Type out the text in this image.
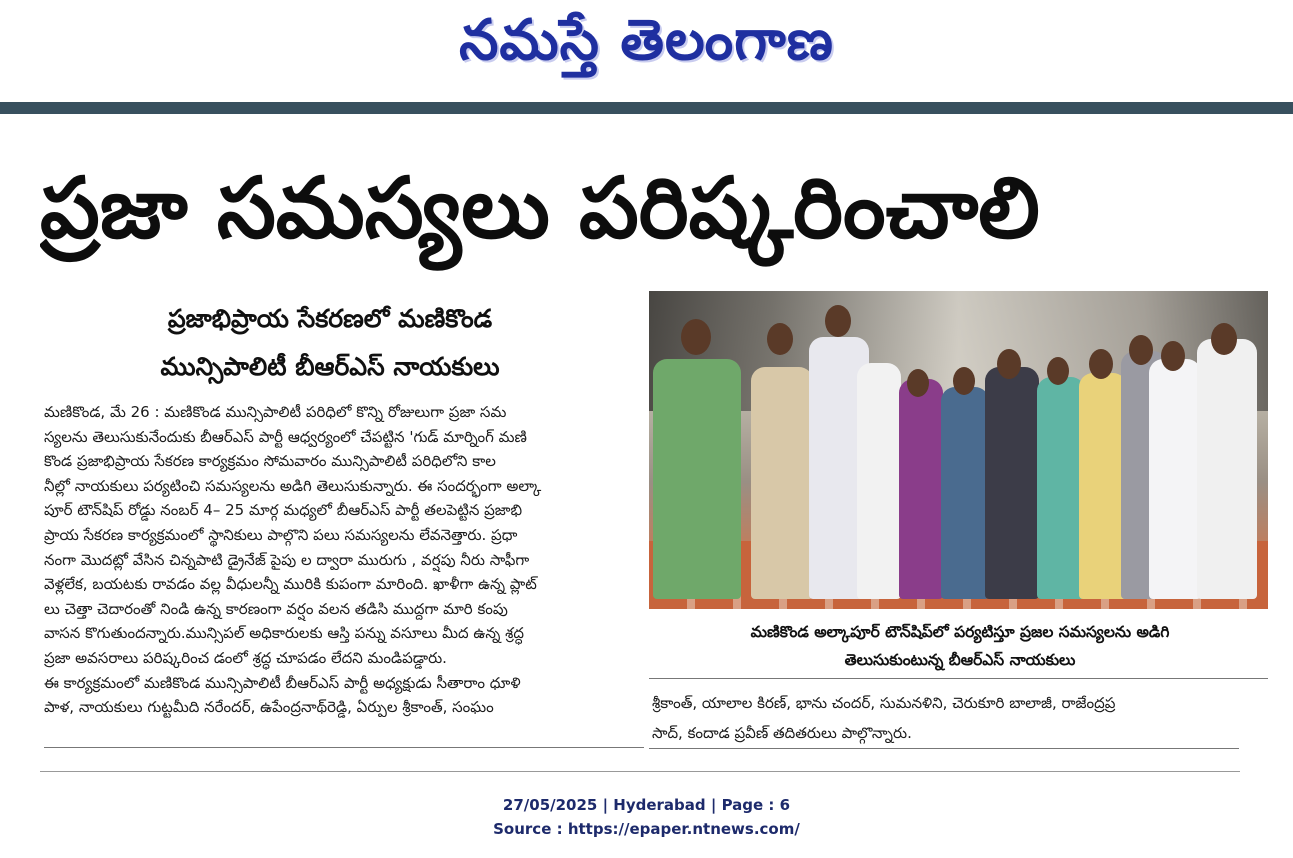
నమస్తే తెలంగాణ
ప్రజా సమస్యలు పరిష్కరించాలి
ప్రజాభిప్రాయ సేకరణలో మణికొండ
మున్సిపాలిటీ బీఆర్ఎస్ నాయకులు
మణికొండ, మే 26 : మణికొండ మున్సిపాలిటీ పరిధిలో కొన్ని రోజులుగా ప్రజా సమ
స్యలను తెలుసుకునేందుకు బీఆర్ఎస్ పార్టీ ఆధ్వర్యంలో చేపట్టిన 'గుడ్ మార్నింగ్ మణి
కొండ ప్రజాభిప్రాయ సేకరణ కార్యక్రమం సోమవారం మున్సిపాలిటీ పరిధిలోని కాల
నీల్లో నాయకులు పర్యటించి సమస్యలను అడిగి తెలుసుకున్నారు. ఈ సందర్భంగా అల్కా
పూర్ టౌన్‌షిప్ రోడ్డు నంబర్ 4– 25 మార్గ మధ్యలో బీఆర్ఎస్ పార్టీ తలపెట్టిన ప్రజాభి
ప్రాయ సేకరణ కార్యక్రమంలో స్థానికులు పాల్గొని పలు సమస్యలను లేవనెత్తారు. ప్రధా
నంగా మొదట్లో వేసిన చిన్నపాటి డ్రైనేజ్ పైపు ల ద్వారా మురుగు , వర్షపు నీరు సాఫీగా
వెళ్లలేక, బయటకు రావడం వల్ల వీధులన్నీ మురికి కుపంగా మారింది. ఖాళీగా ఉన్న ప్లాట్
లు చెత్తా చెదారంతో నిండి ఉన్న కారణంగా వర్షం వలన తడిసి ముద్దగా మారి కంపు
వాసన కొగుతుందన్నారు.మున్సిపల్ అధికారులకు ఆస్తి పన్ను వసూలు మీద ఉన్న శ్రద్ధ
ప్రజా అవసరాలు పరిష్కరించ డంలో శ్రద్ధ చూపడం లేదని మండిపడ్డారు.
ఈ కార్యక్రమంలో మణికొండ మున్సిపాలిటీ బీఆర్ఎస్ పార్టీ అధ్యక్షుడు సీతారాం ధూళి
పాళ, నాయకులు గుట్టమీది నరేందర్, ఉపేంద్రనాథ్‌రెడ్డి, ఏర్పుల శ్రీకాంత్, సంఘం
మణికొండ అల్కాపూర్ టౌన్‌షిప్‌లో పర్యటిస్తూ ప్రజల సమస్యలను అడిగి
తెలుసుకుంటున్న బీఆర్ఎస్ నాయకులు
శ్రీకాంత్, యాలాల కిరణ్, భాను చందర్, సుమనళిని, చెరుకూరి బాలాజీ, రాజేంద్రప్ర
సాద్, కందాడ ప్రవీణ్ తదితరులు పాల్గొన్నారు.
27/05/2025 | Hyderabad | Page : 6
Source : https://epaper.ntnews.com/
